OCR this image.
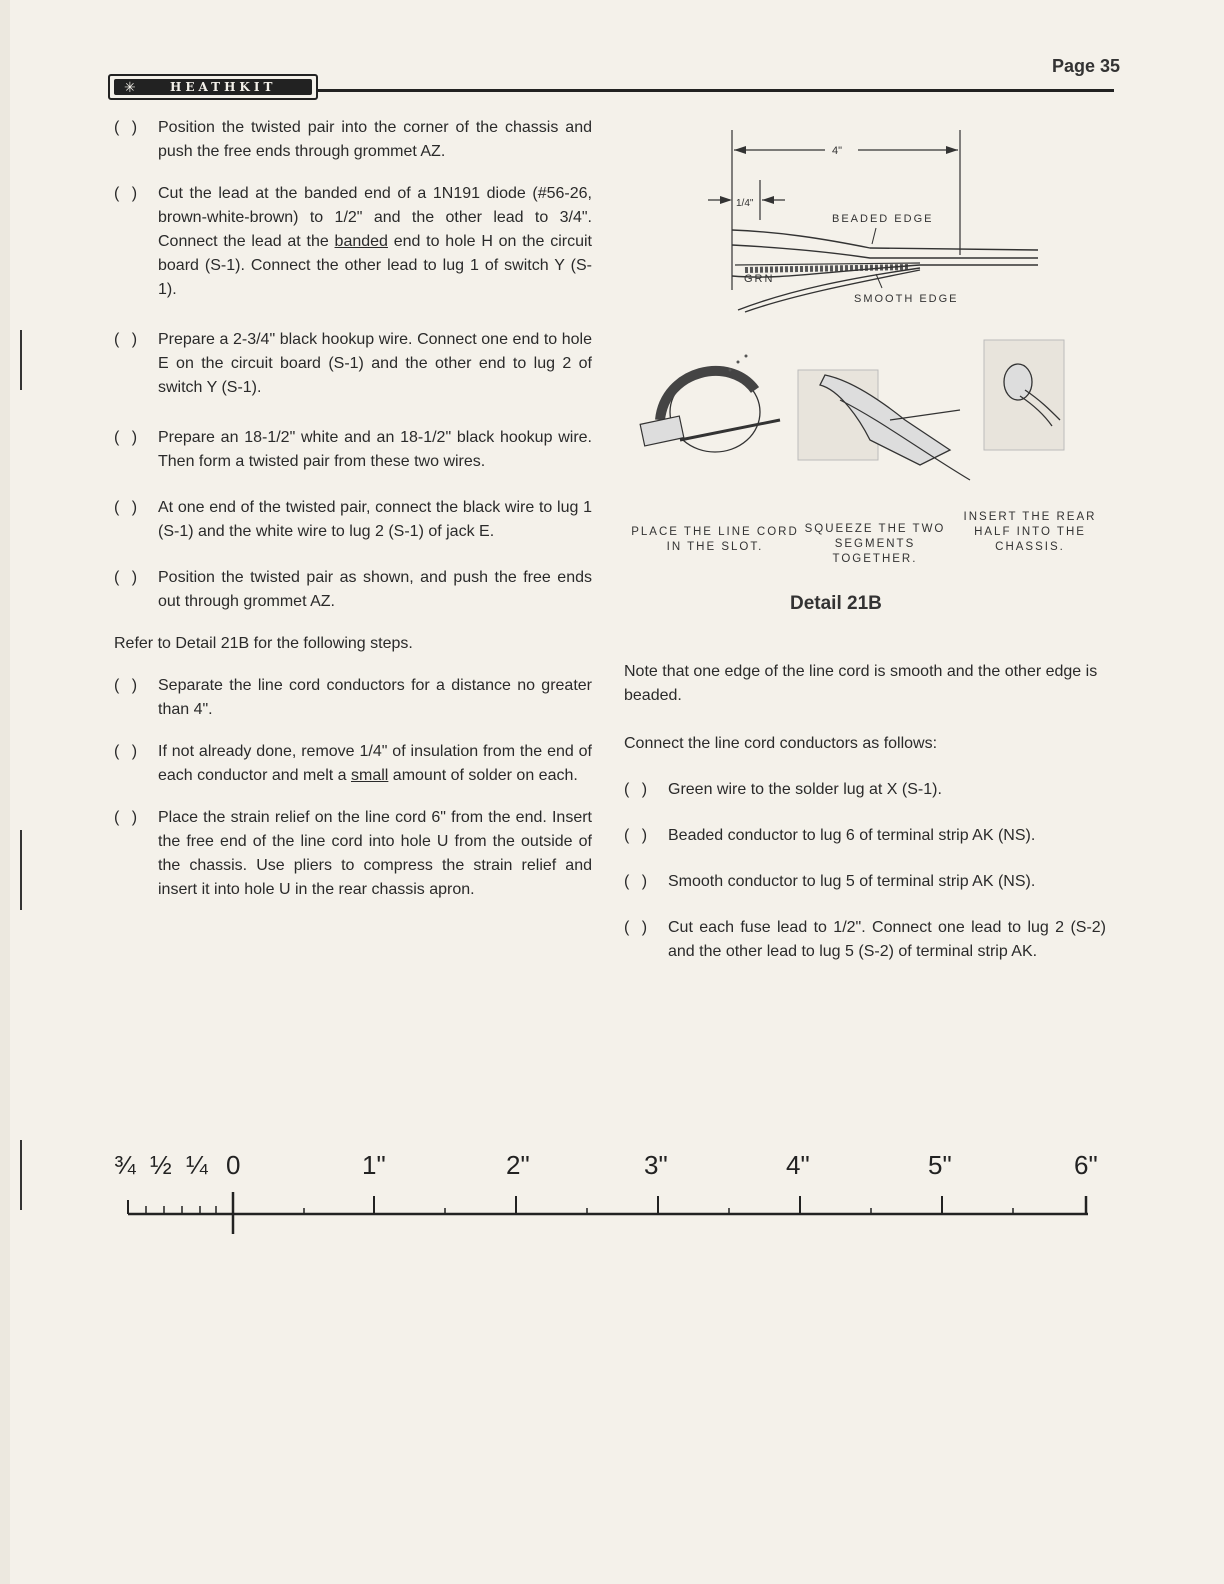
Page 35
✳	HEATHKIT
( ) Position the twisted pair into the corner of the chassis and push the free ends through grommet AZ.
( ) Cut the lead at the banded end of a 1N191 diode (#56-26, brown-white-brown) to 1/2" and the other lead to 3/4". Connect the lead at the banded end to hole H on the circuit board (S-1). Connect the other lead to lug 1 of switch Y (S-1).
( ) Prepare a 2-3/4" black hookup wire. Connect one end to hole E on the circuit board (S-1) and the other end to lug 2 of switch Y (S-1).
( ) Prepare an 18-1/2" white and an 18-1/2" black hookup wire. Then form a twisted pair from these two wires.
( ) At one end of the twisted pair, connect the black wire to lug 1 (S-1) and the white wire to lug 2 (S-1) of jack E.
( ) Position the twisted pair as shown, and push the free ends out through grommet AZ.

Refer to Detail 21B for the following steps.

( ) Separate the line cord conductors for a distance no greater than 4".
( ) If not already done, remove 1/4" of insulation from the end of each conductor and melt a small amount of solder on each.
( ) Place the strain relief on the line cord 6" from the end. Insert the free end of the line cord into hole U from the outside of the chassis. Use pliers to compress the strain relief and insert it into hole U in the rear chassis apron.
4"
1/4"
BEADED EDGE
GRN
SMOOTH EDGE
PLACE THE LINE CORD IN THE SLOT.
SQUEEZE THE TWO SEGMENTS TOGETHER.
INSERT THE REAR HALF INTO THE CHASSIS.
Detail 21B

Note that one edge of the line cord is smooth and the other edge is beaded.

Connect the line cord conductors as follows:

( ) Green wire to the solder lug at X (S-1).
( ) Beaded conductor to lug 6 of terminal strip AK (NS).
( ) Smooth conductor to lug 5 of terminal strip AK (NS).
( ) Cut each fuse lead to 1/2". Connect one lead to lug 2 (S-2) and the other lead to lug 5 (S-2) of terminal strip AK.
¾ ½ ¼ 0	1"	2"	3"	4"	5"	6"
